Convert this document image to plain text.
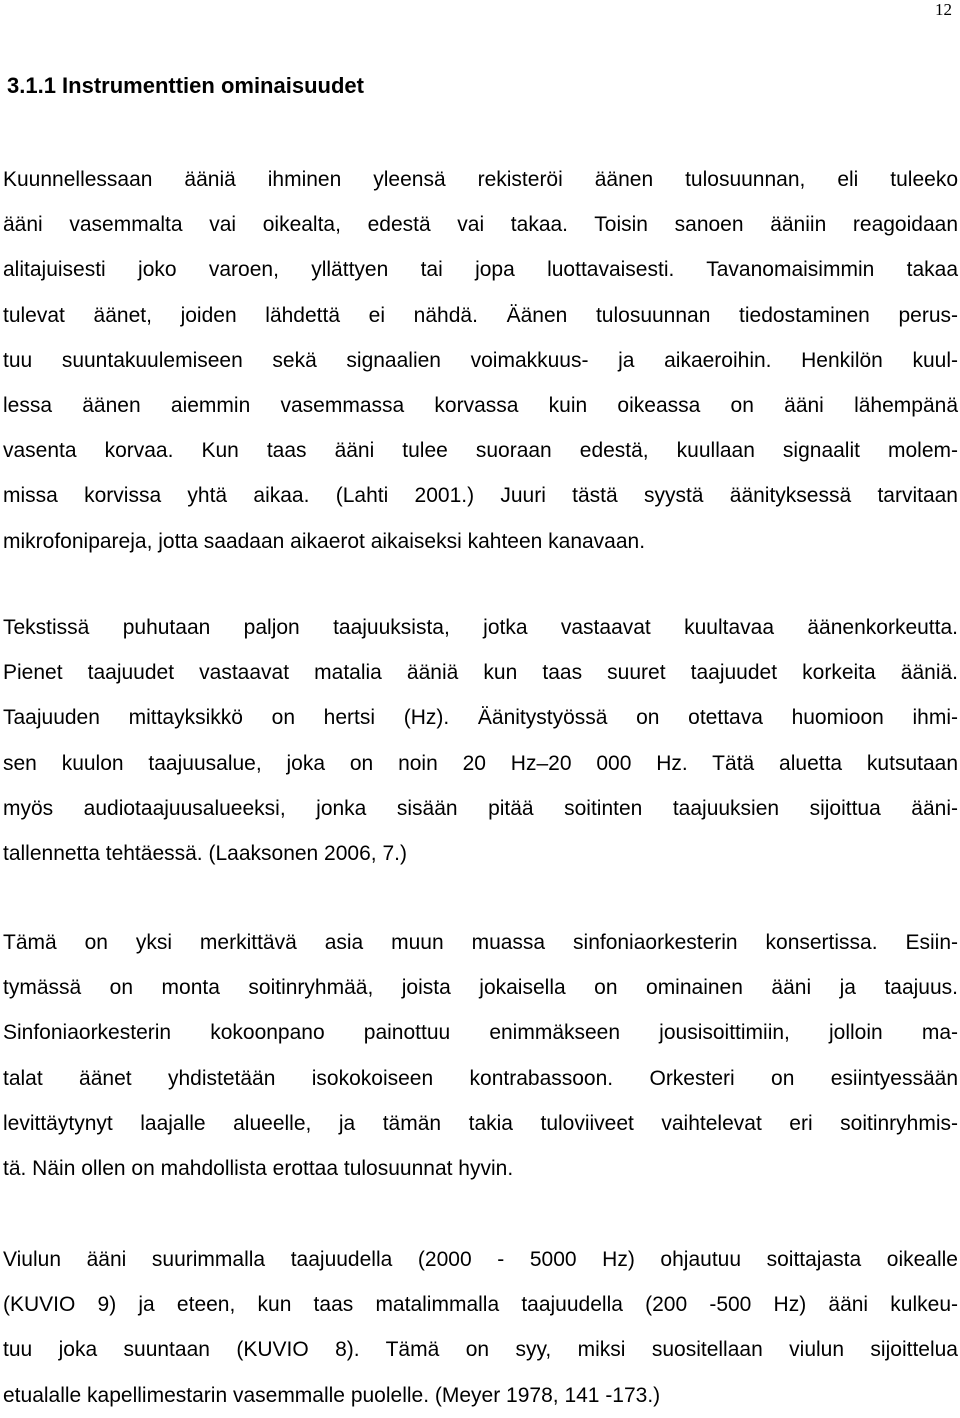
12
3.1.1 Instrumenttien ominaisuudet
Kuunnellessaan ääniä ihminen yleensä rekisteröi äänen tulosuunnan, eli tuleeko
ääni vasemmalta vai oikealta, edestä vai takaa. Toisin sanoen ääniin reagoidaan
alitajuisesti joko varoen, yllättyen tai jopa luottavaisesti. Tavanomaisimmin takaa
tulevat äänet, joiden lähdettä ei nähdä. Äänen tulosuunnan tiedostaminen perus-
tuu suuntakuulemiseen sekä signaalien voimakkuus- ja aikaeroihin. Henkilön kuul-
lessa äänen aiemmin vasemmassa korvassa kuin oikeassa on ääni lähempänä
vasenta korvaa. Kun taas ääni tulee suoraan edestä, kuullaan signaalit molem-
missa korvissa yhtä aikaa. (Lahti 2001.) Juuri tästä syystä äänityksessä tarvitaan
mikrofonipareja, jotta saadaan aikaerot aikaiseksi kahteen kanavaan.
Tekstissä puhutaan paljon taajuuksista, jotka vastaavat kuultavaa äänenkorkeutta.
Pienet taajuudet vastaavat matalia ääniä kun taas suuret taajuudet korkeita ääniä.
Taajuuden mittayksikkö on hertsi (Hz). Äänitystyössä on otettava huomioon ihmi-
sen kuulon taajuusalue, joka on noin 20 Hz–20 000 Hz. Tätä aluetta kutsutaan
myös audiotaajuusalueeksi, jonka sisään pitää soitinten taajuuksien sijoittua ääni-
tallennetta tehtäessä. (Laaksonen 2006, 7.)
Tämä on yksi merkittävä asia muun muassa sinfoniaorkesterin konsertissa. Esiin-
tymässä on monta soitinryhmää, joista jokaisella on ominainen ääni ja taajuus.
Sinfoniaorkesterin kokoonpano painottuu enimmäkseen jousisoittimiin, jolloin ma-
talat äänet yhdistetään isokokoiseen kontrabassoon. Orkesteri on esiintyessään
levittäytynyt laajalle alueelle, ja tämän takia tuloviiveet vaihtelevat eri soitinryhmis-
tä. Näin ollen on mahdollista erottaa tulosuunnat hyvin.
Viulun ääni suurimmalla taajuudella (2000 - 5000 Hz) ohjautuu soittajasta oikealle
(KUVIO 9) ja eteen, kun taas matalimmalla taajuudella (200 -500 Hz) ääni kulkeu-
tuu joka suuntaan (KUVIO 8). Tämä on syy, miksi suositellaan viulun sijoittelua
etualalle kapellimestarin vasemmalle puolelle. (Meyer 1978, 141 -173.)
